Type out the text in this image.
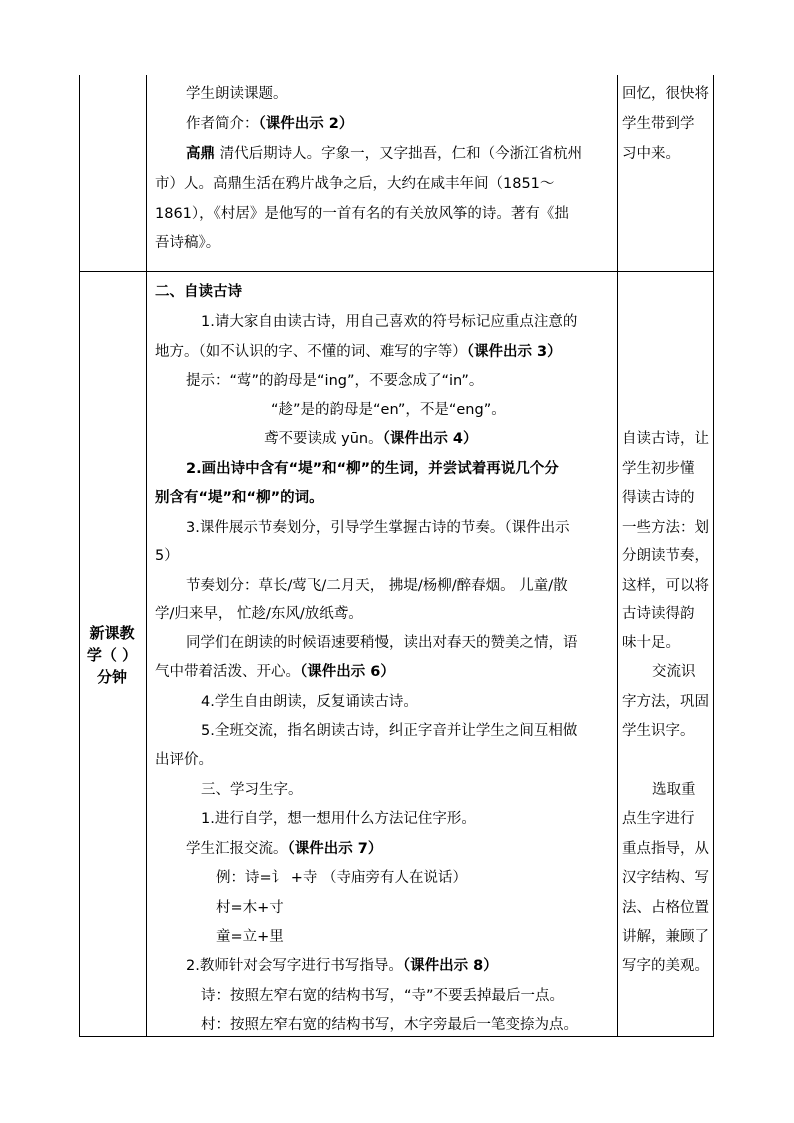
学生朗读课题。
作者简介：（课件出示 2）
高鼎 清代后期诗人。字象一，又字拙吾，仁和（今浙江省杭州
市）人。高鼎生活在鸦片战争之后，大约在咸丰年间（1851～
1861），《村居》是他写的一首有名的有关放风筝的诗。著有《拙
吾诗稿》。
回忆，很快将
学生带到学
习中来。
新课教
学（ ）
分钟
二、自读古诗
1.请大家自由读古诗，用自己喜欢的符号标记应重点注意的
地方。（如不认识的字、不懂的词、难写的字等）（课件出示 3）
提示：“莺”的韵母是“ing”，不要念成了“in”。
“趁”是的韵母是“en”，不是“eng”。
鸢不要读成 yūn。（课件出示 4）
2.画出诗中含有“堤”和“柳”的生词，并尝试着再说几个分
别含有“堤”和“柳”的词。
3.课件展示节奏划分，引导学生掌握古诗的节奏。（课件出示
5）
节奏划分：草长/莺飞/二月天， 拂堤/杨柳/醉春烟。 儿童/散
学/归来早， 忙趁/东风/放纸鸢。
同学们在朗读的时候语速要稍慢，读出对春天的赞美之情，语
气中带着活泼、开心。（课件出示 6）
4.学生自由朗读，反复诵读古诗。
5.全班交流，指名朗读古诗，纠正字音并让学生之间互相做
出评价。
三、学习生字。
1.进行自学，想一想用什么方法记住字形。
学生汇报交流。（课件出示 7）
例：诗=讠 +寺 （寺庙旁有人在说话）
村=木+寸
童=立+里
2.教师针对会写字进行书写指导。（课件出示 8）
诗：按照左窄右宽的结构书写，“寺”不要丢掉最后一点。
村：按照左窄右宽的结构书写，木字旁最后一笔变捺为点。
自读古诗，让
学生初步懂
得读古诗的
一些方法：划
分朗读节奏，
这样，可以将
古诗读得韵
味十足。
交流识
字方法，巩固
学生识字。
选取重
点生字进行
重点指导，从
汉字结构、写
法、占格位置
讲解，兼顾了
写字的美观。
